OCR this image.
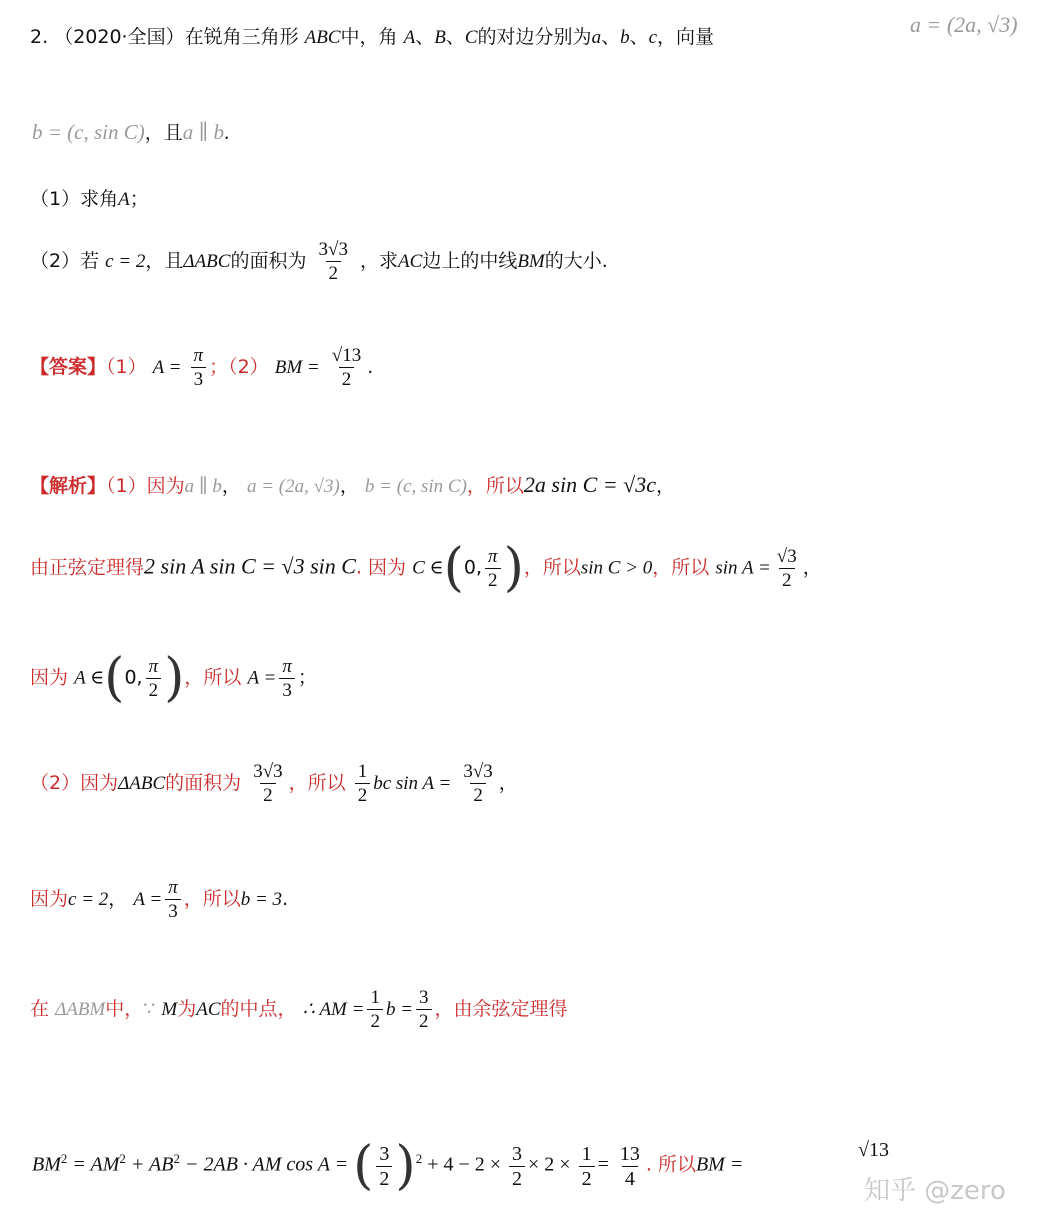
2. （2020·全国）在锐角三角形 ABC中，角 A、B、C的对边分别为a、b、c，向量	a = (2a, √3)
b = (c, sin C)，且a ∥ b.
（1）求角A；
（2）若 c = 2，且ΔABC的面积为 $\frac{3√3}{2}$ ，求AC边上的中线BM的大小.
【答案】（1） $A = \frac{\pi}{3}$ ；（2） BM = $\frac{√13}{2}$ .
【解析】（1）因为a ∥ b， a = (2a, √3)， b = (c, sin C)，所以2a sin C = √3c，
由正弦定理得2 sin A sin C = √3 sin C. 因为 C ∈(0, $\frac{\pi}{2}$ )，所以sin C > 0，所以 $\sin A = \frac{√3}{2}$ ，
因为 A ∈(0, $\frac{\pi}{2}$ )，所以 $A = \frac{\pi}{3}$ ；
（2）因为ΔABC的面积为 $\frac{3√3}{2}$ ，所以 $\frac{1}{2}$ bc $\sin A = \frac{3√3}{2}$ ，
因为c = 2， $A = \frac{\pi}{3}$ ，所以b = 3.
在 ΔABM中，∵ M为AC的中点， ∴ AM = $\frac{1}{2}$ $b = \frac{3}{2}$ ，由余弦定理得
$BM^2 = AM^2 + AB^2 - 2AB$ · AM cos A = ( $\frac{3}{2} )^2 + 4 - 2 \times \frac{3}{2} \times 2 \times \frac{1}{2} = \frac{13}{4}$ . 所以BM =
√13
知乎 @zero
